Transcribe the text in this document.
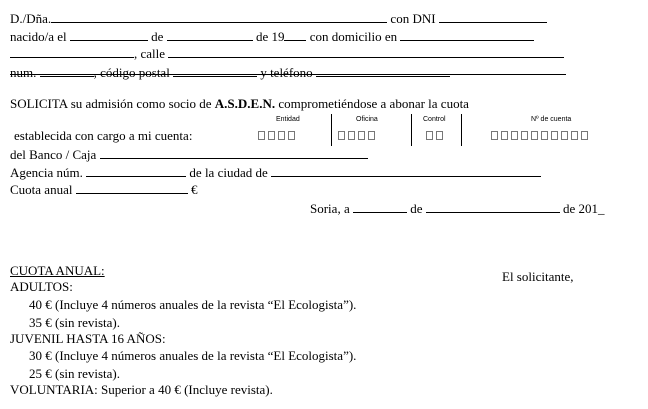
D./Dña.	con DNI
nacido/a el	de	de 19 con domicilio en
, calle
num.	, código postal	y teléfono
SOLICITA su admisión como socio de A.S.D.E.N. comprometiéndose a abonar la cuota
Entidad	Oficina	Control	Nº de cuenta
establecida con cargo a mi cuenta:
del Banco / Caja
Agencia núm.	de la ciudad de
Cuota anual	€
Soria, a	de	de 201_
El solicitante,
CUOTA ANUAL:
ADULTOS:
40 € (Incluye 4 números anuales de la revista “El Ecologista”).
35 € (sin revista).
JUVENIL HASTA 16 AÑOS:
30 € (Incluye 4 números anuales de la revista “El Ecologista”).
25 € (sin revista).
VOLUNTARIA: Superior a 40 € (Incluye revista).
